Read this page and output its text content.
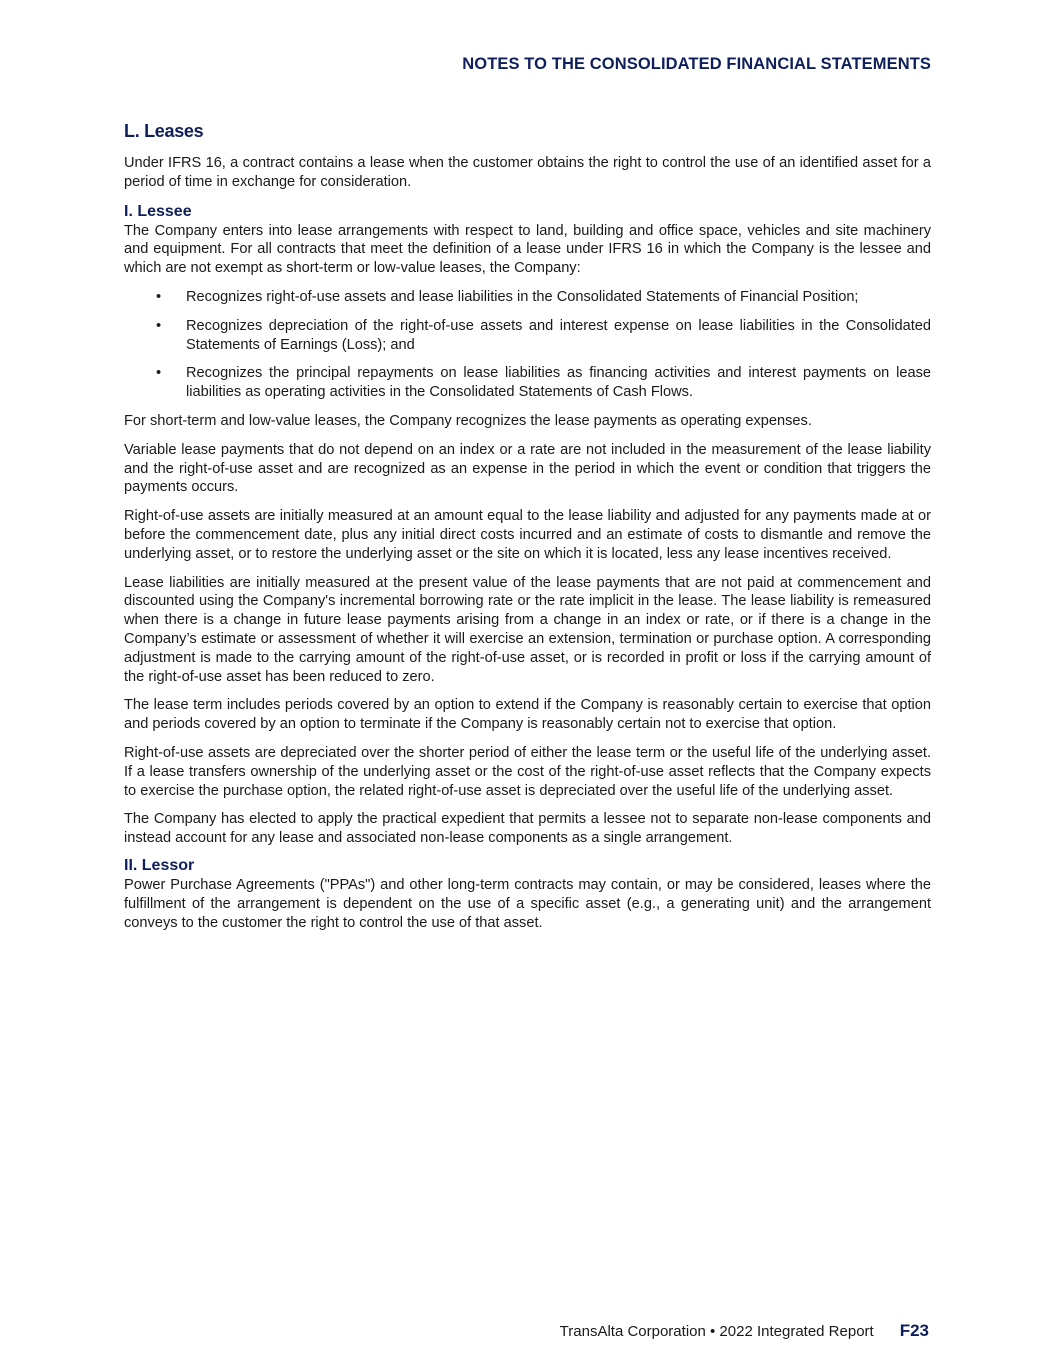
NOTES TO THE CONSOLIDATED FINANCIAL STATEMENTS
L. Leases

Under IFRS 16, a contract contains a lease when the customer obtains the right to control the use of an identified asset for a period of time in exchange for consideration.

I. Lessee

The Company enters into lease arrangements with respect to land, building and office space, vehicles and site machinery and equipment. For all contracts that meet the definition of a lease under IFRS 16 in which the Company is the lessee and which are not exempt as short-term or low-value leases, the Company:

• Recognizes right-of-use assets and lease liabilities in the Consolidated Statements of Financial Position;
• Recognizes depreciation of the right-of-use assets and interest expense on lease liabilities in the Consolidated Statements of Earnings (Loss); and
• Recognizes the principal repayments on lease liabilities as financing activities and interest payments on lease liabilities as operating activities in the Consolidated Statements of Cash Flows.

For short-term and low-value leases, the Company recognizes the lease payments as operating expenses.

Variable lease payments that do not depend on an index or a rate are not included in the measurement of the lease liability and the right-of-use asset and are recognized as an expense in the period in which the event or condition that triggers the payments occurs.

Right-of-use assets are initially measured at an amount equal to the lease liability and adjusted for any payments made at or before the commencement date, plus any initial direct costs incurred and an estimate of costs to dismantle and remove the underlying asset, or to restore the underlying asset or the site on which it is located, less any lease incentives received.

Lease liabilities are initially measured at the present value of the lease payments that are not paid at commencement and discounted using the Company's incremental borrowing rate or the rate implicit in the lease. The lease liability is remeasured when there is a change in future lease payments arising from a change in an index or rate, or if there is a change in the Company’s estimate or assessment of whether it will exercise an extension, termination or purchase option. A corresponding adjustment is made to the carrying amount of the right-of-use asset, or is recorded in profit or loss if the carrying amount of the right-of-use asset has been reduced to zero.

The lease term includes periods covered by an option to extend if the Company is reasonably certain to exercise that option and periods covered by an option to terminate if the Company is reasonably certain not to exercise that option.

Right-of-use assets are depreciated over the shorter period of either the lease term or the useful life of the underlying asset. If a lease transfers ownership of the underlying asset or the cost of the right-of-use asset reflects that the Company expects to exercise the purchase option, the related right-of-use asset is depreciated over the useful life of the underlying asset.

The Company has elected to apply the practical expedient that permits a lessee not to separate non-lease components and instead account for any lease and associated non-lease components as a single arrangement.

II. Lessor

Power Purchase Agreements ("PPAs") and other long-term contracts may contain, or may be considered, leases where the fulfillment of the arrangement is dependent on the use of a specific asset (e.g., a generating unit) and the arrangement conveys to the customer the right to control the use of that asset.

TransAlta Corporation • 2022 Integrated Report F23
